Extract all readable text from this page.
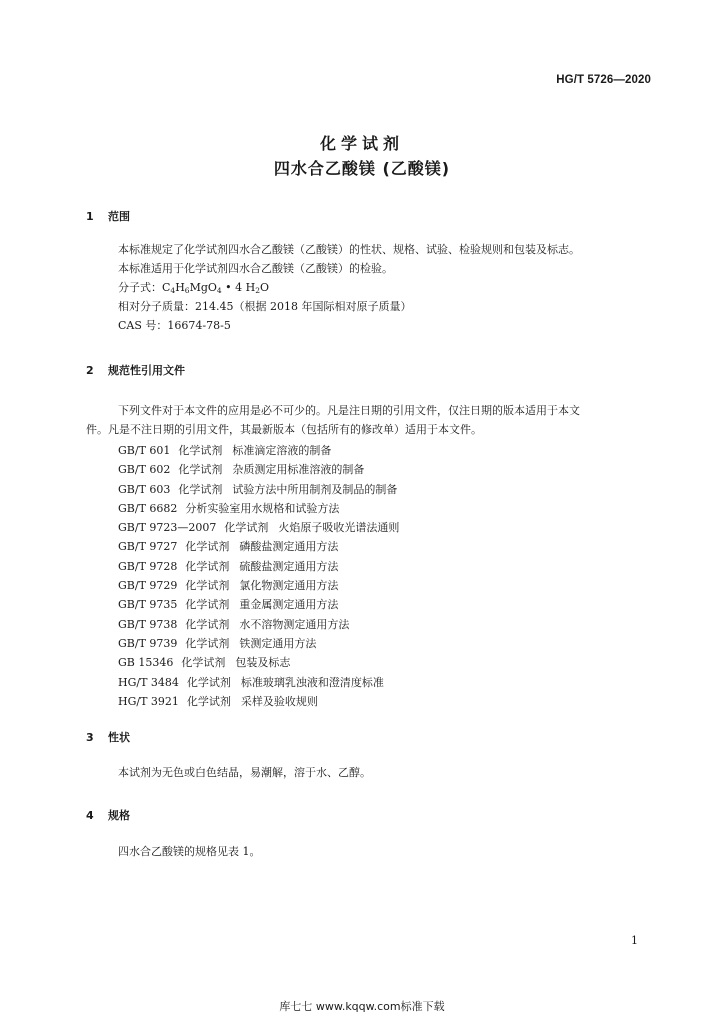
HG/T 5726—2020
化学试剂
四水合乙酸镁 (乙酸镁)
1 范围
本标准规定了化学试剂四水合乙酸镁（乙酸镁）的性状、规格、试验、检验规则和包装及标志。
本标准适用于化学试剂四水合乙酸镁（乙酸镁）的检验。
分子式：$C_4H_6MgO_4$ • 4 $H_2O$
相对分子质量：214.45（根据 2018 年国际相对原子质量）
CAS 号：16674-78-5
2 规范性引用文件
下列文件对于本文件的应用是必不可少的。凡是注日期的引用文件，仅注日期的版本适用于本文
件。凡是不注日期的引用文件，其最新版本（包括所有的修改单）适用于本文件。
GB/T 601 化学试剂 标准滴定溶液的制备
GB/T 602 化学试剂 杂质测定用标准溶液的制备
GB/T 603 化学试剂 试验方法中所用制剂及制品的制备
GB/T 6682 分析实验室用水规格和试验方法
GB/T 9723—2007 化学试剂 火焰原子吸收光谱法通则
GB/T 9727 化学试剂 磷酸盐测定通用方法
GB/T 9728 化学试剂 硫酸盐测定通用方法
GB/T 9729 化学试剂 氯化物测定通用方法
GB/T 9735 化学试剂 重金属测定通用方法
GB/T 9738 化学试剂 水不溶物测定通用方法
GB/T 9739 化学试剂 铁测定通用方法
GB 15346 化学试剂 包装及标志
HG/T 3484 化学试剂 标准玻璃乳浊液和澄清度标准
HG/T 3921 化学试剂 采样及验收规则
3 性状
本试剂为无色或白色结晶，易潮解，溶于水、乙醇。
4 规格
四水合乙酸镁的规格见表 1。
1
库七七 www.kqqw.com标准下载
